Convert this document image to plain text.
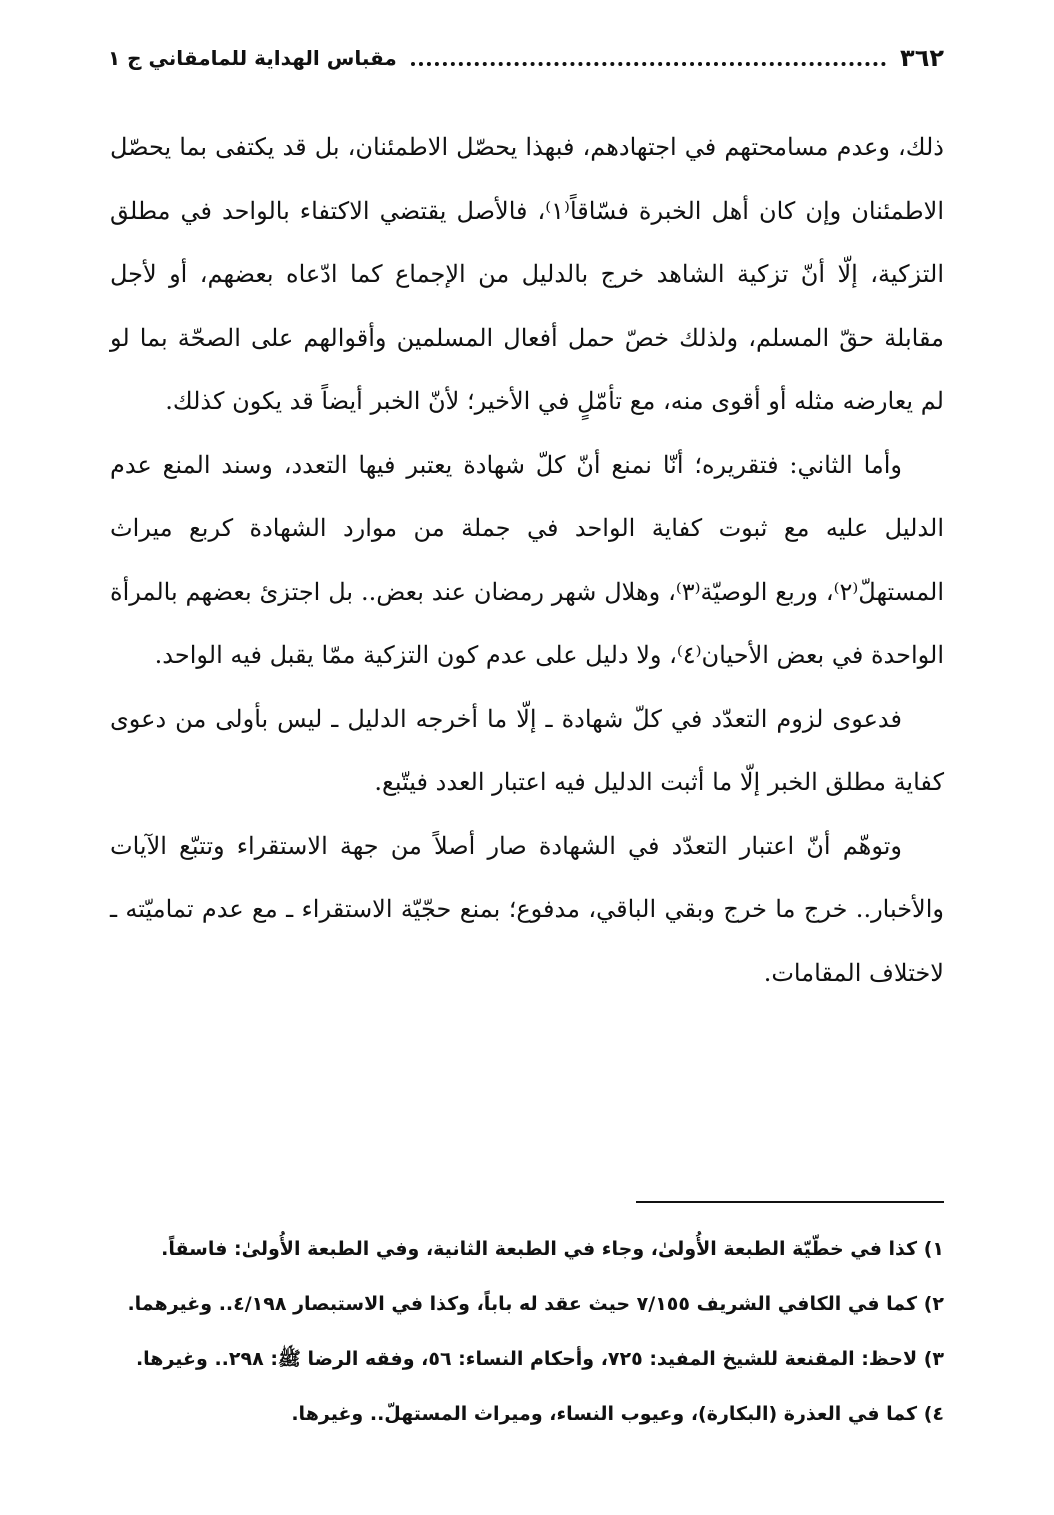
٣٦٢
مقباس الهداية للمامقاني ج ١

ذلك، وعدم مسامحتهم في اجتهادهم، فبهذا يحصّل الاطمئنان، بل قد يكتفى بما يحصّل الاطمئنان وإن كان أهل الخبرة فسّاقاً⁽١⁾، فالأصل يقتضي الاكتفاء بالواحد في مطلق التزكية، إلّا أنّ تزكية الشاهد خرج بالدليل من الإجماع كما ادّعاه بعضهم، أو لأجل مقابلة حقّ المسلم، ولذلك خصّ حمل أفعال المسلمين وأقوالهم على الصحّة بما لو لم يعارضه مثله أو أقوى منه، مع تأمّلٍ في الأخير؛ لأنّ الخبر أيضاً قد يكون كذلك.

وأما الثاني: فتقريره؛ أنّا نمنع أنّ كلّ شهادة يعتبر فيها التعدد، وسند المنع عدم الدليل عليه مع ثبوت كفاية الواحد في جملة من موارد الشهادة كربع ميراث المستهلّ⁽٢⁾، وربع الوصيّة⁽٣⁾، وهلال شهر رمضان عند بعض.. بل اجتزئ بعضهم بالمرأة الواحدة في بعض الأحيان⁽٤⁾، ولا دليل على عدم كون التزكية ممّا يقبل فيه الواحد.

فدعوى لزوم التعدّد في كلّ شهادة ـ إلّا ما أخرجه الدليل ـ ليس بأولى من دعوى كفاية مطلق الخبر إلّا ما أثبت الدليل فيه اعتبار العدد فيتّبع.

وتوهّم أنّ اعتبار التعدّد في الشهادة صار أصلاً من جهة الاستقراء وتتبّع الآيات والأخبار.. خرج ما خرج وبقي الباقي، مدفوع؛ بمنع حجّيّة الاستقراء ـ مع عدم تماميّته ـ لاختلاف المقامات.

١) كذا في خطّيّة الطبعة الأُولىٰ، وجاء في الطبعة الثانية، وفي الطبعة الأُولىٰ: فاسقاً.
٢) كما في الكافي الشريف ٧/١٥٥ حيث عقد له باباً، وكذا في الاستبصار ٤/١٩٨.. وغيرهما.
٣) لاحظ: المقنعة للشيخ المفيد: ٧٢٥، وأحكام النساء: ٥٦، وفقه الرضا ﷺ: ٢٩٨.. وغيرها.
٤) كما في العذرة (البكارة)، وعيوب النساء، وميراث المستهلّ.. وغيرها.
